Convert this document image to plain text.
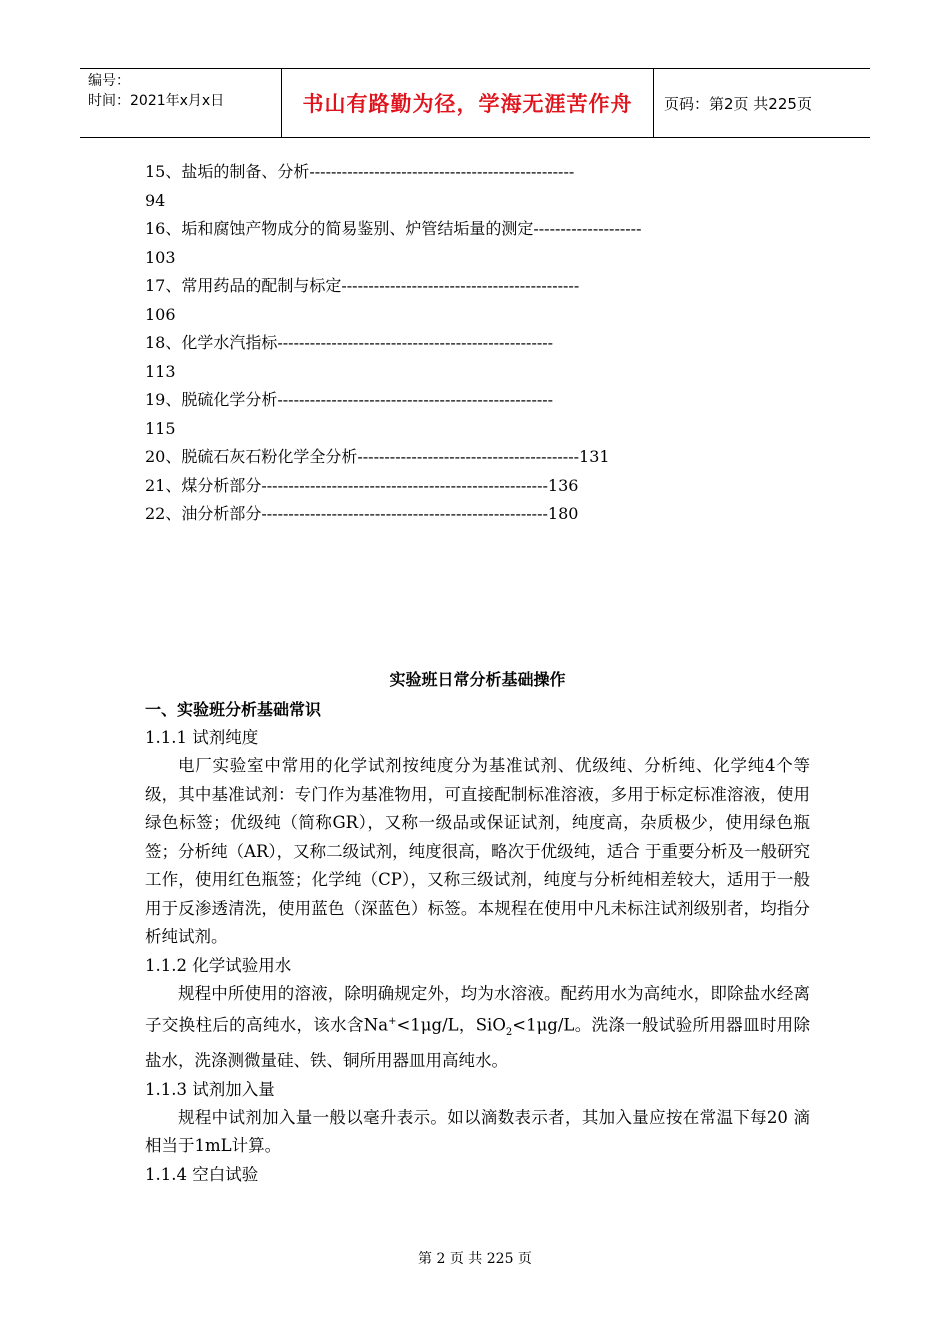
编号：
时间：2021年x月x日	书山有路勤为径，学海无涯苦作舟 页码：第2页 共225页
15、盐垢的制备、分析-------------------------------------------------
94
16、垢和腐蚀产物成分的简易鉴别、炉管结垢量的测定--------------------
103
17、常用药品的配制与标定--------------------------------------------
106
18、化学水汽指标---------------------------------------------------
113
19、脱硫化学分析---------------------------------------------------
115
20、脱硫石灰石粉化学全分析-----------------------------------------131
21、煤分析部分-----------------------------------------------------136
22、油分析部分-----------------------------------------------------180
实验班日常分析基础操作
一、实验班分析基础常识
1.1.1 试剂纯度

电厂实验室中常用的化学试剂按纯度分为基准试剂、优级纯、分析纯、化学纯4个等级，其中基准试剂：专门作为基准物用，可直接配制标准溶液，多用于标定标准溶液，使用绿色标签；优级纯（简称GR），又称一级品或保证试剂，纯度高，杂质极少，使用绿色瓶签；分析纯（AR），又称二级试剂，纯度很高，略次于优级纯，适合 于重要分析及一般研究工作，使用红色瓶签；化学纯（CP），又称三级试剂，纯度与分析纯相差较大，适用于一般用于反渗透清洗，使用蓝色（深蓝色）标签。本规程在使用中凡未标注试剂级别者，均指分析纯试剂。

1.1.2 化学试验用水

规程中所使用的溶液，除明确规定外，均为水溶液。配药用水为高纯水，即除盐水经离子交换柱后的高纯水，该水含Na+<1μg/L，SiO$_2$<1μg/L。洗涤一般试验所用器皿时用除盐水，洗涤测微量硅、铁、铜所用器皿用高纯水。

1.1.3 试剂加入量

规程中试剂加入量一般以毫升表示。如以滴数表示者，其加入量应按在常温下每20 滴相当于1mL计算。

1.1.4 空白试验
第 2 页 共 225 页
